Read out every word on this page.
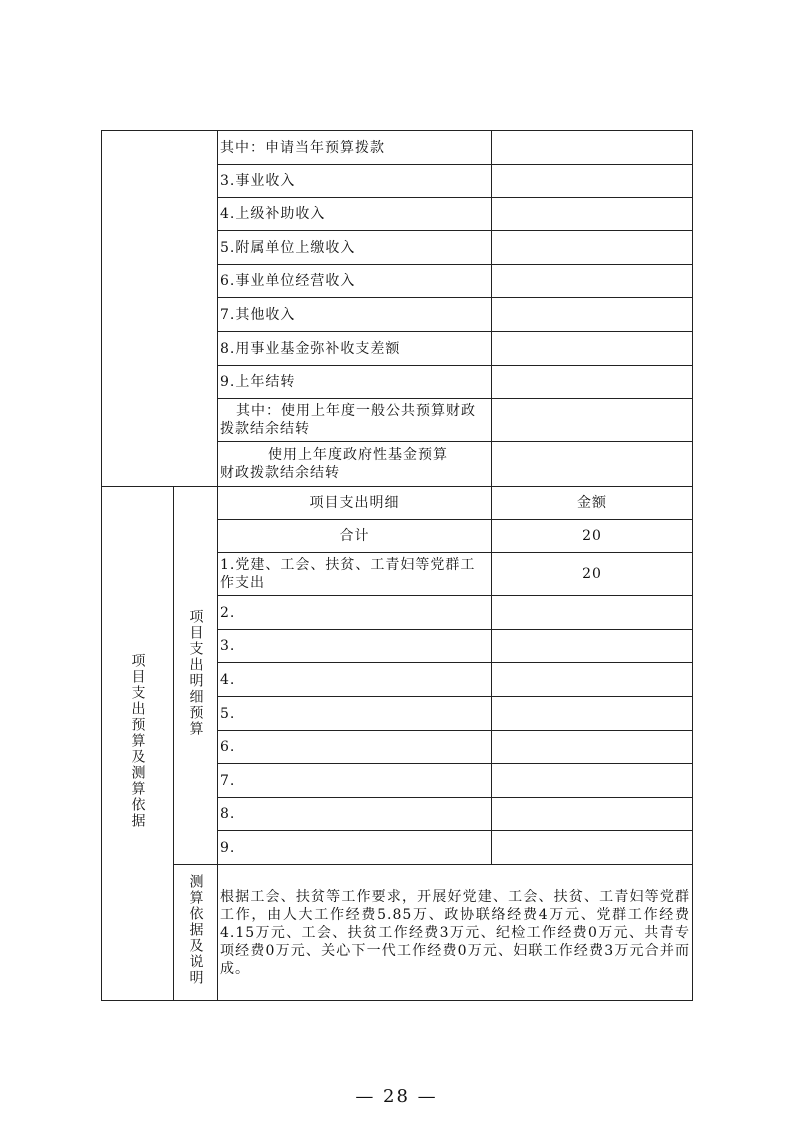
		其中：申请当年预算拨款	
		3.事业收入	
		4.上级补助收入	
		5.附属单位上缴收入	
		6.事业单位经营收入	
		7.其他收入	
		8.用事业基金弥补收支差额	
		9.上年结转	

		其中：使用上年度一般公共预算财政
拨款结余结转	

		使用上年度政府性基金预算
财政拨款结余结转	

项目支出预算及测算依据	项目支出明细预算	项目支出明细	金额
		合计	20

		1.党建、工会、扶贫、工青妇等党群工
作支出	20
		2.	
		3.	
		4.	
		5.	
		6.	
		7.	
		8.	
		9.	

	测算依据及说明	根据工会、扶贫等工作要求，开展好党建、工会、扶贫、工青妇等党群工作，由人大工作经费5.85万、政协联络经费4万元、党群工作经费4.15万元、工会、扶贫工作经费3万元、纪检工作经费0万元、共青专项经费0万元、关心下一代工作经费0万元、妇联工作经费3万元合并而成。	
— 28 —
